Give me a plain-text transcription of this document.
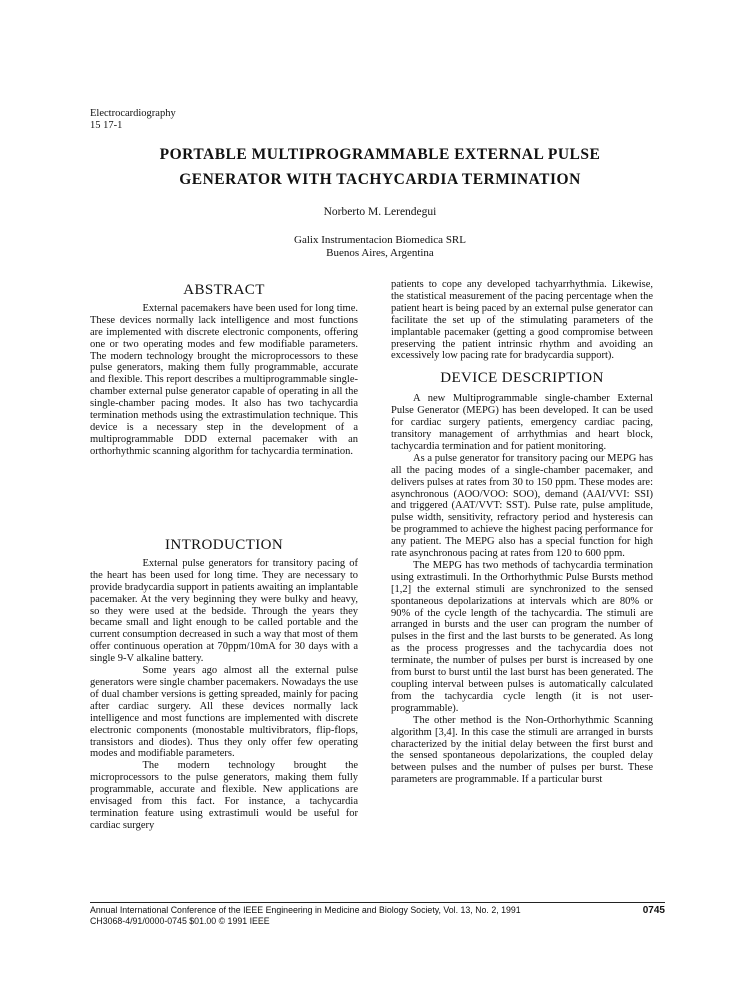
Electrocardiography
15 17-1
PORTABLE MULTIPROGRAMMABLE EXTERNAL PULSE
GENERATOR WITH TACHYCARDIA TERMINATION
Norberto M. Lerendegui
Galix Instrumentacion Biomedica SRL
Buenos Aires, Argentina
ABSTRACT

External pacemakers have been used for long time. These devices normally lack intelligence and most functions are implemented with discrete electronic components, offering one or two operating modes and few modifiable parameters. The modern technology brought the microprocessors to these pulse generators, making them fully programmable, accurate and flexible. This report describes a multiprogrammable single-chamber external pulse generator capable of operating in all the single-chamber pacing modes. It also has two tachycardia termination methods using the extrastimulation technique. This device is a necessary step in the development of a multiprogrammable DDD external pacemaker with an orthorhythmic scanning algorithm for tachycardia termination.

INTRODUCTION

External pulse generators for transitory pacing of the heart has been used for long time. They are necessary to provide bradycardia support in patients awaiting an implantable pacemaker. At the very beginning they were bulky and heavy, so they were used at the bedside. Through the years they became small and light enough to be called portable and the current consumption decreased in such a way that most of them offer continuous operation at 70ppm/10mA for 30 days with a single 9-V alkaline battery.

Some years ago almost all the external pulse generators were single chamber pacemakers. Nowadays the use of dual chamber versions is getting spreaded, mainly for pacing after cardiac surgery. All these devices normally lack intelligence and most functions are implemented with discrete electronic components (monostable multivibrators, flip-flops, transistors and diodes). Thus they only offer few operating modes and modifiable parameters.

The modern technology brought the microprocessors to the pulse generators, making them fully programmable, accurate and flexible. New applications are envisaged from this fact. For instance, a tachycardia termination feature using extrastimuli would be useful for cardiac surgery

patients to cope any developed tachyarrhythmia. Likewise, the statistical measurement of the pacing percentage when the patient heart is being paced by an external pulse generator can facilitate the set up of the stimulating parameters of the implantable pacemaker (getting a good compromise between preserving the patient intrinsic rhythm and avoiding an excessively low pacing rate for bradycardia support).

DEVICE DESCRIPTION

A new Multiprogrammable single-chamber External Pulse Generator (MEPG) has been developed. It can be used for cardiac surgery patients, emergency cardiac pacing, transitory management of arrhythmias and heart block, tachycardia termination and for patient monitoring.

As a pulse generator for transitory pacing our MEPG has all the pacing modes of a single-chamber pacemaker, and delivers pulses at rates from 30 to 150 ppm. These modes are: asynchronous (AOO/VOO: SOO), demand (AAI/VVI: SSI) and triggered (AAT/VVT: SST). Pulse rate, pulse amplitude, pulse width, sensitivity, refractory period and hysteresis can be programmed to achieve the highest pacing performance for any patient. The MEPG also has a special function for high rate asynchronous pacing at rates from 120 to 600 ppm.

The MEPG has two methods of tachycardia termination using extrastimuli. In the Orthorhythmic Pulse Bursts method [1,2] the external stimuli are synchronized to the sensed spontaneous depolarizations at intervals which are 80% or 90% of the cycle length of the tachycardia. The stimuli are arranged in bursts and the user can program the number of pulses in the first and the last bursts to be generated. As long as the process progresses and the tachycardia does not terminate, the number of pulses per burst is increased by one from burst to burst until the last burst has been generated. The coupling interval between pulses is automatically calculated from the tachycardia cycle length (it is not user-programmable).

The other method is the Non-Orthorhythmic Scanning algorithm [3,4]. In this case the stimuli are arranged in bursts characterized by the initial delay between the first burst and the sensed spontaneous depolarizations, the coupled delay between pulses and the number of pulses per burst. These parameters are programmable. If a particular burst

Annual International Conference of the IEEE Engineering in Medicine and Biology Society, Vol. 13, No. 2, 1991	0745
CH3068-4/91/0000-0745 $01.00 © 1991 IEEE
